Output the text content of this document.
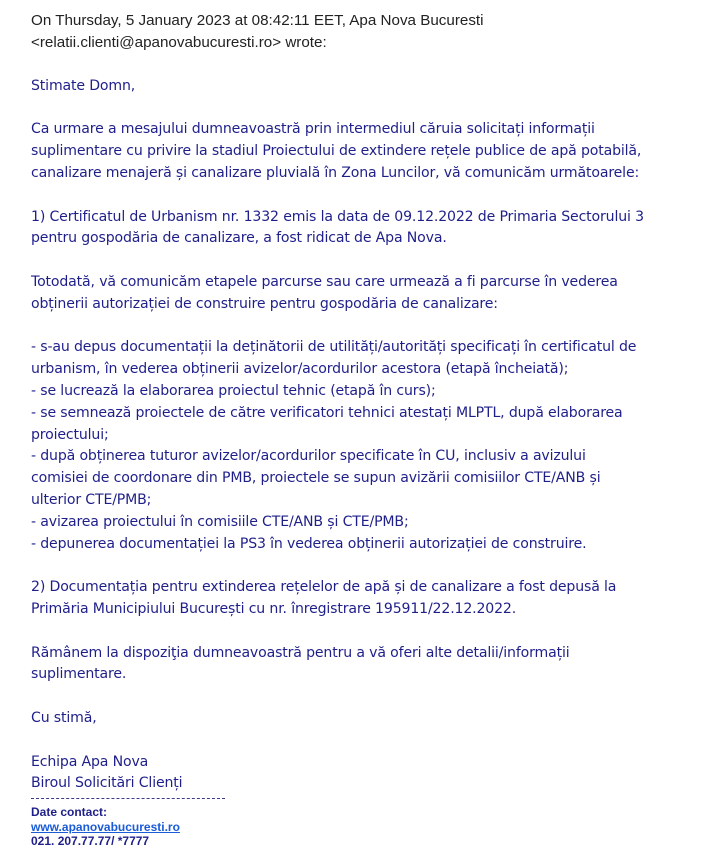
On Thursday, 5 January 2023 at 08:42:11 EET, Apa Nova Bucuresti
<relatii.clienti@apanovabucuresti.ro> wrote:

Stimate Domn,

Ca urmare a mesajului dumneavoastră prin intermediul căruia solicitați informații
suplimentare cu privire la stadiul Proiectului de extindere rețele publice de apă potabilă,
canalizare menajeră și canalizare pluvială în Zona Luncilor, vă comunicăm următoarele:

1) Certificatul de Urbanism nr. 1332 emis la data de 09.12.2022 de Primaria Sectorului 3
pentru gospodăria de canalizare, a fost ridicat de Apa Nova.

Totodată, vă comunicăm etapele parcurse sau care urmează a fi parcurse în vederea
obținerii autorizației de construire pentru gospodăria de canalizare:

- s-au depus documentații la deținătorii de utilități/autorități specificați în certificatul de
urbanism, în vederea obținerii avizelor/acordurilor acestora (etapă încheiată);
- se lucrează la elaborarea proiectul tehnic (etapă în curs);
- se semnează proiectele de către verificatori tehnici atestați MLPTL, după elaborarea
proiectului;
- după obținerea tuturor avizelor/acordurilor specificate în CU, inclusiv a avizului
comisiei de coordonare din PMB, proiectele se supun avizării comisiilor CTE/ANB și
ulterior CTE/PMB;
- avizarea proiectului în comisiile CTE/ANB și CTE/PMB;
- depunerea documentației la PS3 în vederea obținerii autorizației de construire.

2) Documentația pentru extinderea rețelelor de apă și de canalizare a fost depusă la
Primăria Municipiului București cu nr. înregistrare 195911/22.12.2022.

Rămânem la dispoziţia dumneavoastră pentru a vă oferi alte detalii/informații
suplimentare.

Cu stimă,

Echipa Apa Nova
Biroul Solicitări Clienți

Date contact:
www.apanovabucuresti.ro
021. 207.77.77/ *7777
